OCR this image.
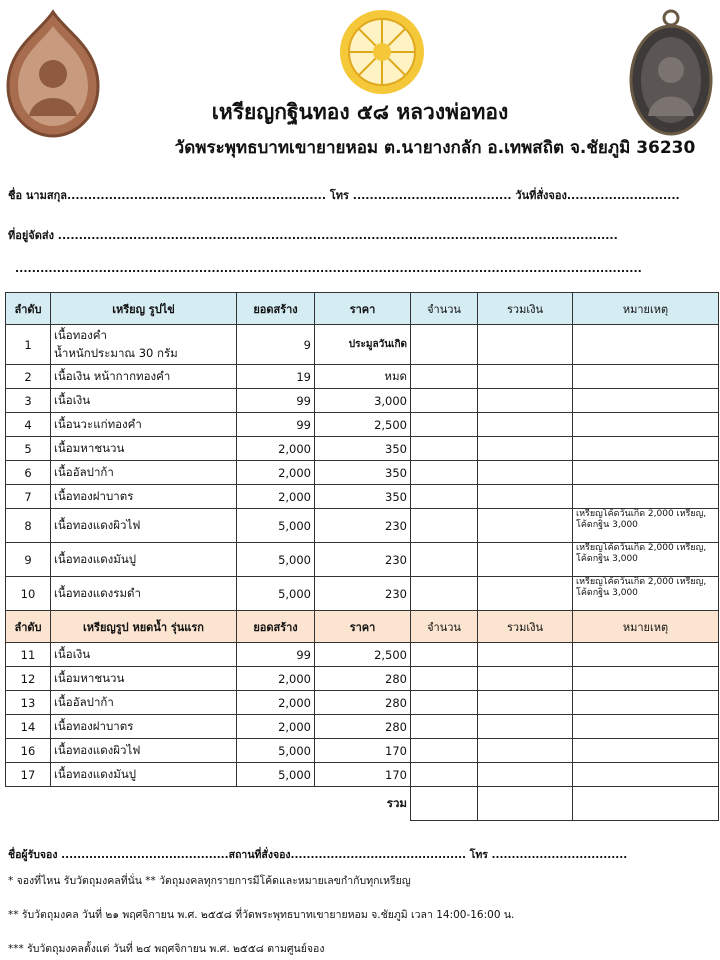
เหรียญกฐินทอง ๕๘ หลวงพ่อทอง
วัดพระพุทธบาทเขายายหอม ต.นายางกลัก อ.เทพสถิต จ.ชัยภูมิ 36230
ชื่อ นามสกุล.............................................................. โทร ...................................... วันที่สั่งจอง...........................
ที่อยู่จัดส่ง ......................................................................................................................................
......................................................................................................................................................
ลำดับ	เหรียญ รูปไข่	ยอดสร้าง	ราคา	จำนวน	รวมเงิน	หมายเหตุ
1	เนื้อทองคำ
น้ำหนักประมาณ 30 กรัม	9	ประมูลวันเกิด			
2	เนื้อเงิน หน้ากากทองคำ	19	หมด			
3	เนื้อเงิน	99	3,000			
4	เนื้อนวะแก่ทองคำ	99	2,500			
5	เนื้อมหาชนวน	2,000	350			
6	เนื้ออัลปาก้า	2,000	350			
7	เนื้อทองฝาบาตร	2,000	350			
8	เนื้อทองแดงผิวไฟ	5,000	230			เหรียญโค้ดวันเกิด 2,000 เหรียญ, โค้ดกฐิน 3,000
9	เนื้อทองแดงมันปู	5,000	230			เหรียญโค้ดวันเกิด 2,000 เหรียญ, โค้ดกฐิน 3,000
10	เนื้อทองแดงรมดำ	5,000	230			เหรียญโค้ดวันเกิด 2,000 เหรียญ, โค้ดกฐิน 3,000
ลำดับ	เหรียญรูป หยดน้ำ รุ่นแรก	ยอดสร้าง	ราคา	จำนวน	รวมเงิน	หมายเหตุ
11	เนื้อเงิน	99	2,500			
12	เนื้อมหาชนวน	2,000	280			
13	เนื้ออัลปาก้า	2,000	280			
14	เนื้อทองฝาบาตร	2,000	280			
16	เนื้อทองแดงผิวไฟ	5,000	170			
17	เนื้อทองแดงมันปู	5,000	170			
			รวม			
ชื่อผู้รับจอง ..........................................สถานที่สั่งจอง............................................ โทร ..................................
* จองที่ไหน รับวัตถุมงคลที่นั่น ** วัตถุมงคลทุกรายการมีโค้ดและหมายเลขกำกับทุกเหรียญ
** รับวัตถุมงคล วันที่ ๒๑ พฤศจิกายน พ.ศ. ๒๕๕๘ ที่วัดพระพุทธบาทเขายายหอม จ.ชัยภูมิ เวลา 14:00-16:00 น.
*** รับวัตถุมงคลตั้งแต่ วันที่ ๒๔ พฤศจิกายน พ.ศ. ๒๕๕๘ ตามศูนย์จอง
